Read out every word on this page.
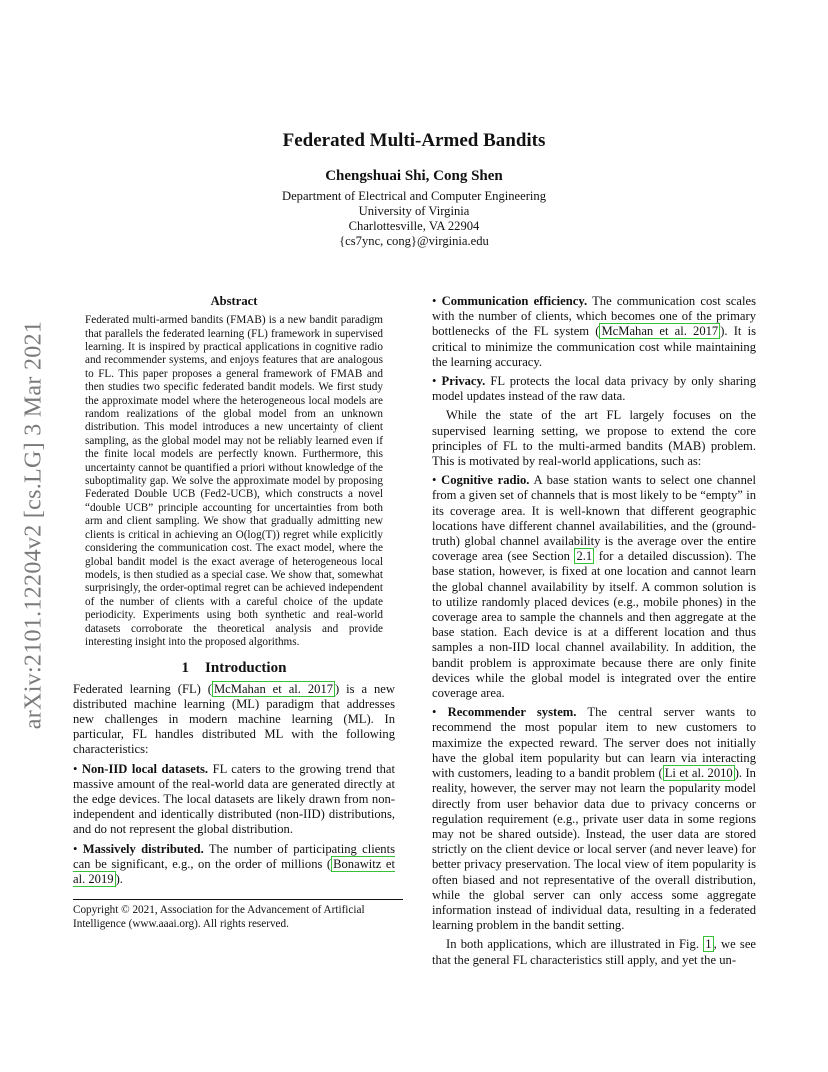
arXiv:2101.12204v2 [cs.LG] 3 Mar 2021
Federated Multi-Armed Bandits
Chengshuai Shi, Cong Shen
Department of Electrical and Computer Engineering
University of Virginia
Charlottesville, VA 22904
{cs7ync, cong}@virginia.edu
Abstract

Federated multi-armed bandits (FMAB) is a new bandit paradigm that parallels the federated learning (FL) framework in supervised learning. It is inspired by practical applications in cognitive radio and recommender systems, and enjoys features that are analogous to FL. This paper proposes a general framework of FMAB and then studies two specific federated bandit models. We first study the approximate model where the heterogeneous local models are random realizations of the global model from an unknown distribution. This model introduces a new uncertainty of client sampling, as the global model may not be reliably learned even if the finite local models are perfectly known. Furthermore, this uncertainty cannot be quantified a priori without knowledge of the suboptimality gap. We solve the approximate model by proposing Federated Double UCB (Fed2-UCB), which constructs a novel “double UCB” principle accounting for uncertainties from both arm and client sampling. We show that gradually admitting new clients is critical in achieving an O(log(T)) regret while explicitly considering the communication cost. The exact model, where the global bandit model is the exact average of heterogeneous local models, is then studied as a special case. We show that, somewhat surprisingly, the order-optimal regret can be achieved independent of the number of clients with a careful choice of the update periodicity. Experiments using both synthetic and real-world datasets corroborate the theoretical analysis and provide interesting insight into the proposed algorithms.

1 Introduction

Federated learning (FL) ( McMahan et al. 2017 ) is a new distributed machine learning (ML) paradigm that addresses new challenges in modern machine learning (ML). In particular, FL handles distributed ML with the following characteristics:

• Non-IID local datasets. FL caters to the growing trend that massive amount of the real-world data are generated directly at the edge devices. The local datasets are likely drawn from non-independent and identically distributed (non-IID) distributions, and do not represent the global distribution.

• Massively distributed. The number of participating clients can be significant, e.g., on the order of millions ( Bonawitz et al. 2019 ).

Copyright © 2021, Association for the Advancement of Artificial Intelligence (www.aaai.org). All rights reserved.

• Communication efficiency. The communication cost scales with the number of clients, which becomes one of the primary bottlenecks of the FL system ( McMahan et al. 2017 ). It is critical to minimize the communication cost while maintaining the learning accuracy.

• Privacy. FL protects the local data privacy by only sharing model updates instead of the raw data.

While the state of the art FL largely focuses on the supervised learning setting, we propose to extend the core principles of FL to the multi-armed bandits (MAB) problem. This is motivated by real-world applications, such as:

• Cognitive radio. A base station wants to select one channel from a given set of channels that is most likely to be “empty” in its coverage area. It is well-known that different geographic locations have different channel availabilities, and the (ground-truth) global channel availability is the average over the entire coverage area (see Section 2.1 for a detailed discussion). The base station, however, is fixed at one location and cannot learn the global channel availability by itself. A common solution is to utilize randomly placed devices (e.g., mobile phones) in the coverage area to sample the channels and then aggregate at the base station. Each device is at a different location and thus samples a non-IID local channel availability. In addition, the bandit problem is approximate because there are only finite devices while the global model is integrated over the entire coverage area.

• Recommender system. The central server wants to recommend the most popular item to new customers to maximize the expected reward. The server does not initially have the global item popularity but can learn via interacting with customers, leading to a bandit problem ( Li et al. 2010 ). In reality, however, the server may not learn the popularity model directly from user behavior data due to privacy concerns or regulation requirement (e.g., private user data in some regions may not be shared outside). Instead, the user data are stored strictly on the client device or local server (and never leave) for better privacy preservation. The local view of item popularity is often biased and not representative of the overall distribution, while the global server can only access some aggregate information instead of individual data, resulting in a federated learning problem in the bandit setting.

In both applications, which are illustrated in Fig. 1 , we see that the general FL characteristics still apply, and yet the un-
